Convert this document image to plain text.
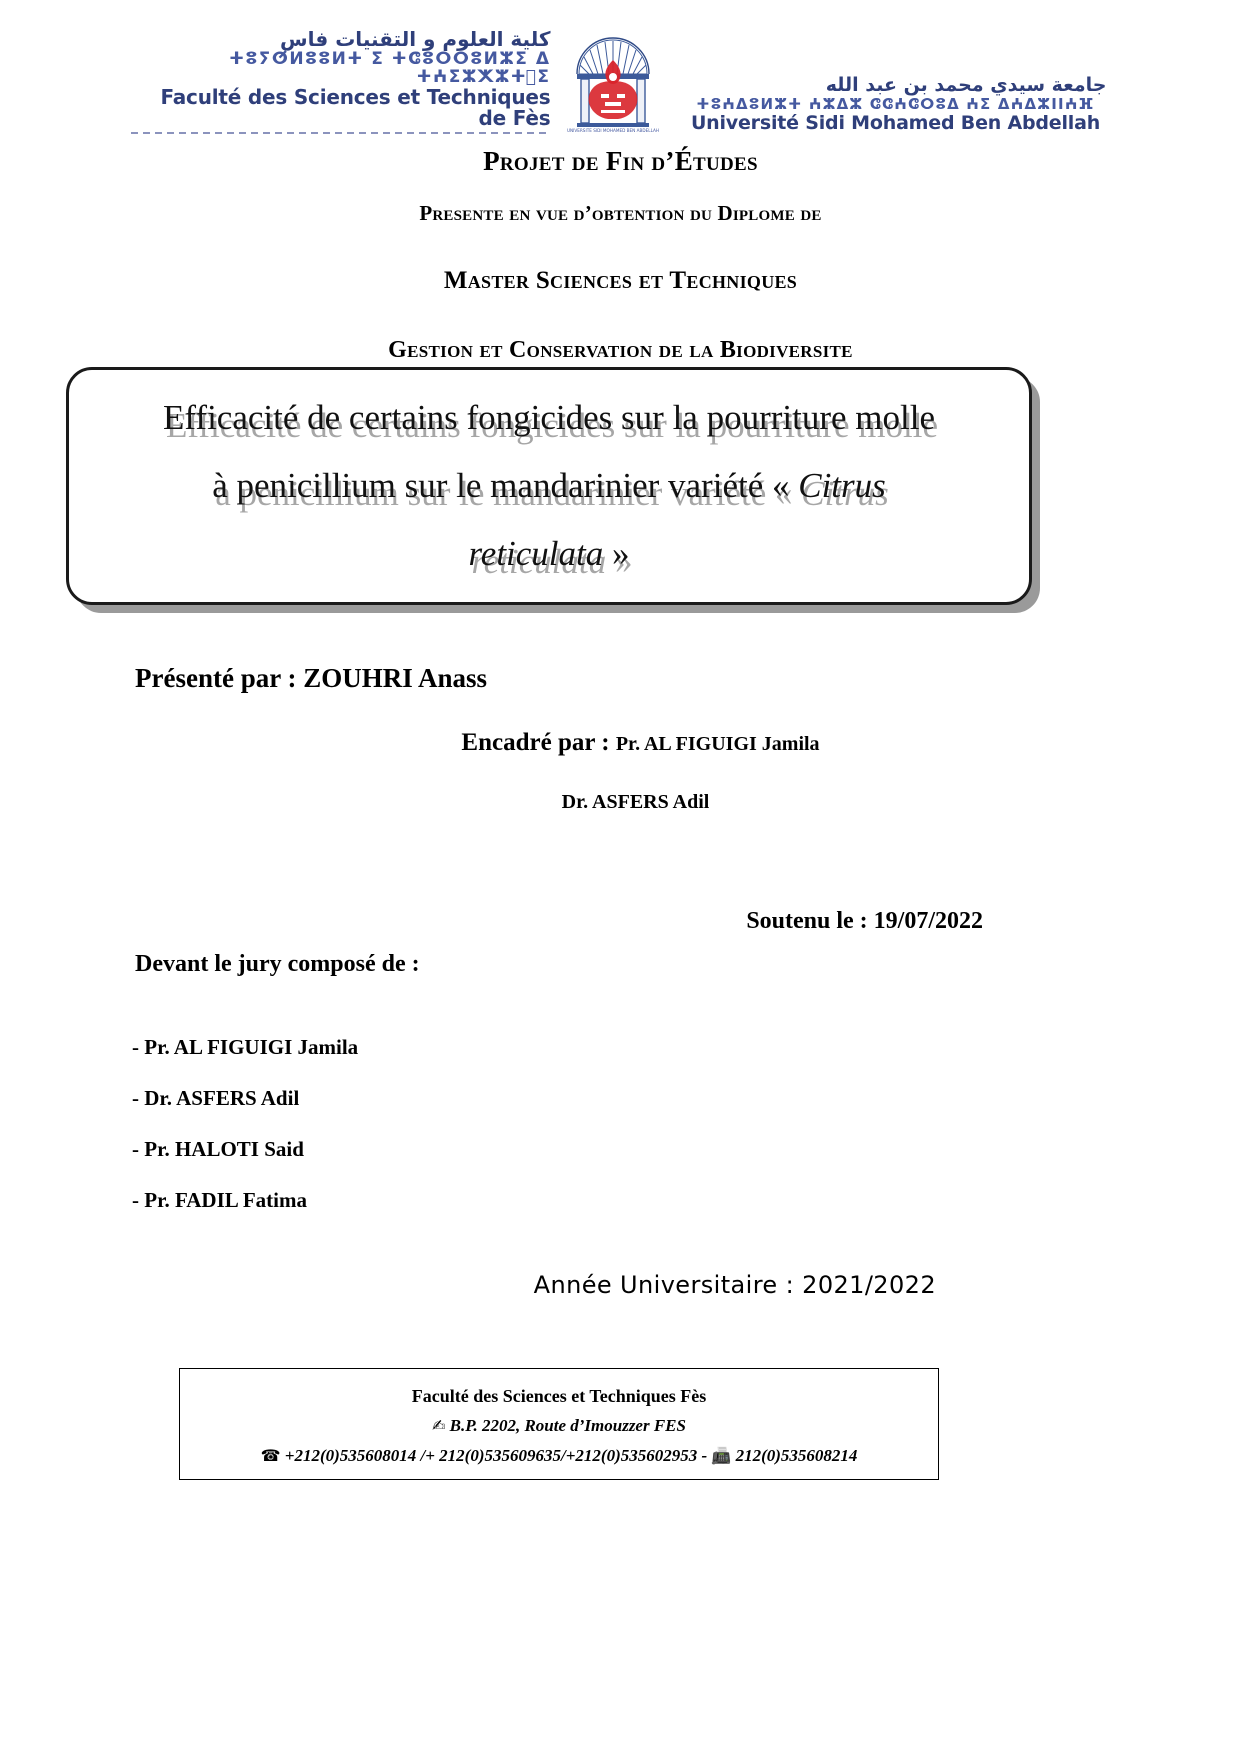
كلية العلوم و التقنيات فاس
ⵜⵓⵢⵚⵍⵓⵓⵍⵜ ⵉ ⵜⵛⵓⵔⵔⵓⵍⵣⵉ ⵠ ⵜⵄⵉⵣⵅⵣⵜ⵿ⵉ
Faculté des Sciences et Techniques de Fès
UNIVERSITE SIDI MOHAMED BEN ABDELLAH
جامعة سيدي محمد بن عبد الله
ⵜⵓⵄⵠⵓⵍⵣⵜ ⵄⵣⵠⵣ ⵛⵛⵄⵛⵔⵓⵠ ⵄⵉ ⵠⵄⵠⵣⵏⵏⵄⴼ
Université Sidi Mohamed Ben Abdellah
Projet de Fin d’Études
Presente en vue d’obtention du Diplome de
Master Sciences et Techniques
Gestion et Conservation de la Biodiversite
Efficacité de certains fongicides sur la pourriture molle
à penicillium sur le mandarinier variété « Citrus
reticulata »
Présenté par : ZOUHRI Anass
Encadré par : Pr. AL FIGUIGI Jamila
Dr. ASFERS Adil
Soutenu le : 19/07/2022
Devant le jury composé de :
- Pr. AL FIGUIGI Jamila
- Dr. ASFERS Adil
- Pr. HALOTI Said
- Pr. FADIL Fatima
Année Universitaire : 2021/2022
Faculté des Sciences et Techniques Fès
✍ B.P. 2202, Route d’Imouzzer FES
☎ +212(0)535608014 /+ 212(0)535609635/+212(0)535602953 - 📠 212(0)535608214
